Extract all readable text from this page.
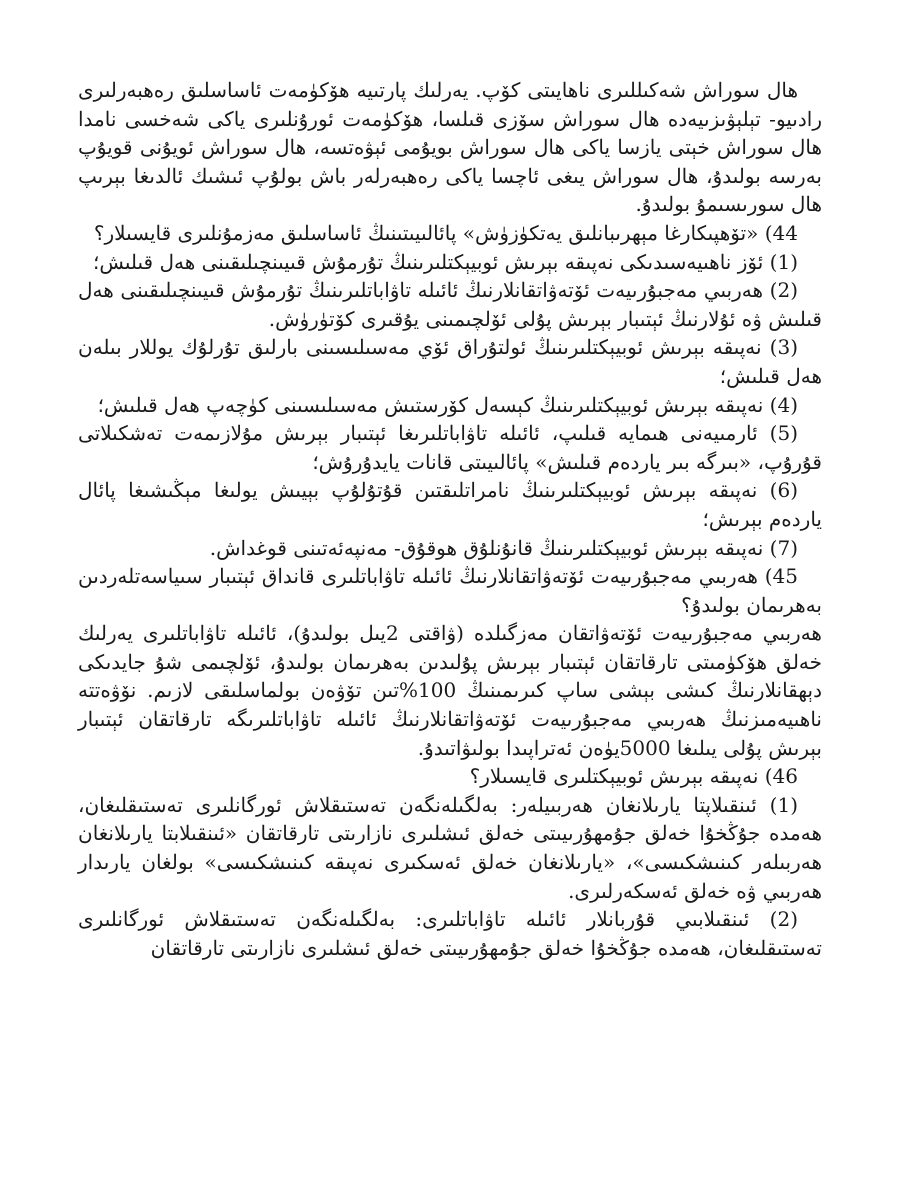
ھال سوراش شەكىللىرى ناھايىتى كۆپ. يەرلىك پارتىيە ھۆكۈمەت ئاساسلىق رەھبەرلىرى رادىيو- تېلېۋىزىيەدە ھال سوراش سۆزى قىلسا، ھۆكۈمەت ئورۇنلىرى ياكى شەخسى نامدا ھال سوراش خېتى يازسا ياكى ھال سوراش بويۇمى ئېۋەتسە، ھال سوراش ئويۇنى قويۇپ بەرسە بولىدۇ، ھال سوراش يىغى ئاچسا ياكى رەھبەرلەر باش بولۇپ ئىشىك ئالدىغا بېرىپ ھال سورىسىمۇ بولىدۇ.

44) «تۆھپىكارغا مېھرىبانلىق يەتكۈزۈش» پائالىيىتىنىڭ ئاساسلىق مەزمۇنلىرى قايسىلار؟

(1) ئۆز ناھىيەسىدىكى نەپىقە بېرىش ئوبيېكتلىرىنىڭ تۇرمۇش قىيىنچىلىقىنى ھەل قىلىش؛

(2) ھەربىي مەجبۇرىيەت ئۆتەۋاتقانلارنىڭ ئائىلە تاۋاباتلىرىنىڭ تۇرمۇش قىيىنچىلىقىنى ھەل قىلىش ۋە ئۇلارنىڭ ئېتىبار بېرىش پۇلى ئۆلچىمىنى يۇقىرى كۆتۈرۈش.

(3) نەپىقە بېرىش ئوبيېكتلىرىنىڭ ئولتۇراق ئۆي مەسىلىسىنى بارلىق تۇرلۇك يوللار بىلەن ھەل قىلىش؛

(4) نەپىقە بېرىش ئوبيېكتلىرىنىڭ كېسەل كۆرستىش مەسىلىسىنى كۈچەپ ھەل قىلىش؛

(5) ئارمىيەنى ھىمايە قىلىپ، ئائىلە تاۋاباتلىرىغا ئېتىبار بېرىش مۇلازىمەت تەشكىلاتى قۇرۇپ، «بىرگە بىر ياردەم قىلىش» پائالىيىتى قانات يايدۇرۇش؛

(6) نەپىقە بېرىش ئوبيېكتلىرىنىڭ نامراتلىقتىن قۇتۇلۇپ بېيىش يولىغا مېڭىشىغا پائال ياردەم بېرىش؛

(7) نەپىقە بېرىش ئوبيېكتلىرىنىڭ قانۇنلۇق ھوقۇق- مەنپەئەتىنى قوغداش.

45) ھەربىي مەجبۇرىيەت ئۆتەۋاتقانلارنىڭ ئائىلە تاۋاباتلىرى قانداق ئېتىبار سىياسەتلەردىن بەھرىمان بولىدۇ؟

ھەربىي مەجبۇرىيەت ئۆتەۋاتقان مەزگىلدە (ۋاقتى 2يىل بولىدۇ)، ئائىلە تاۋاباتلىرى يەرلىك خەلق ھۆكۈمىتى تارقاتقان ئېتىبار بېرىش پۇلىدىن بەھرىمان بولىدۇ، ئۆلچىمى شۇ جايدىكى دېھقانلارنىڭ كىشى بېشى ساپ كىرىمىنىڭ 100%تىن تۆۋەن بولماسلىقى لازىم. نۆۋەتتە ناھىيەمىزنىڭ ھەربىي مەجبۇرىيەت ئۆتەۋاتقانلارنىڭ ئائىلە تاۋاباتلىرىگە تارقاتقان ئېتىبار بېرىش پۇلى يىلىغا 5000يۈەن ئەتراپىدا بولىۋاتىدۇ.

46) نەپىقە بېرىش ئوبيېكتلىرى قايسىلار؟

(1) ئىنقىلاپتا يارىلانغان ھەربىيلەر: بەلگىلەنگەن تەستىقلاش ئورگانلىرى تەستىقلىغان، ھەمدە جۇڭخۇا خەلق جۇمھۇرىيىتى خەلق ئىشلىرى نازارىتى تارقاتقان «ئىنقىلابتا يارىلانغان ھەربىلەر كىنىشكىسى»، «يارىلانغان خەلق ئەسكىرى نەپىقە كىنىشكىسى» بولغان يارىدار ھەربىي ۋە خەلق ئەسكەرلىرى.

(2) ئىنقىلابىي قۇربانلار ئائىلە تاۋاباتلىرى: بەلگىلەنگەن تەستىقلاش ئورگانلىرى تەستىقلىغان، ھەمدە جۇڭخۇا خەلق جۇمھۇرىيىتى خەلق ئىشلىرى نازارىتى تارقاتقان
